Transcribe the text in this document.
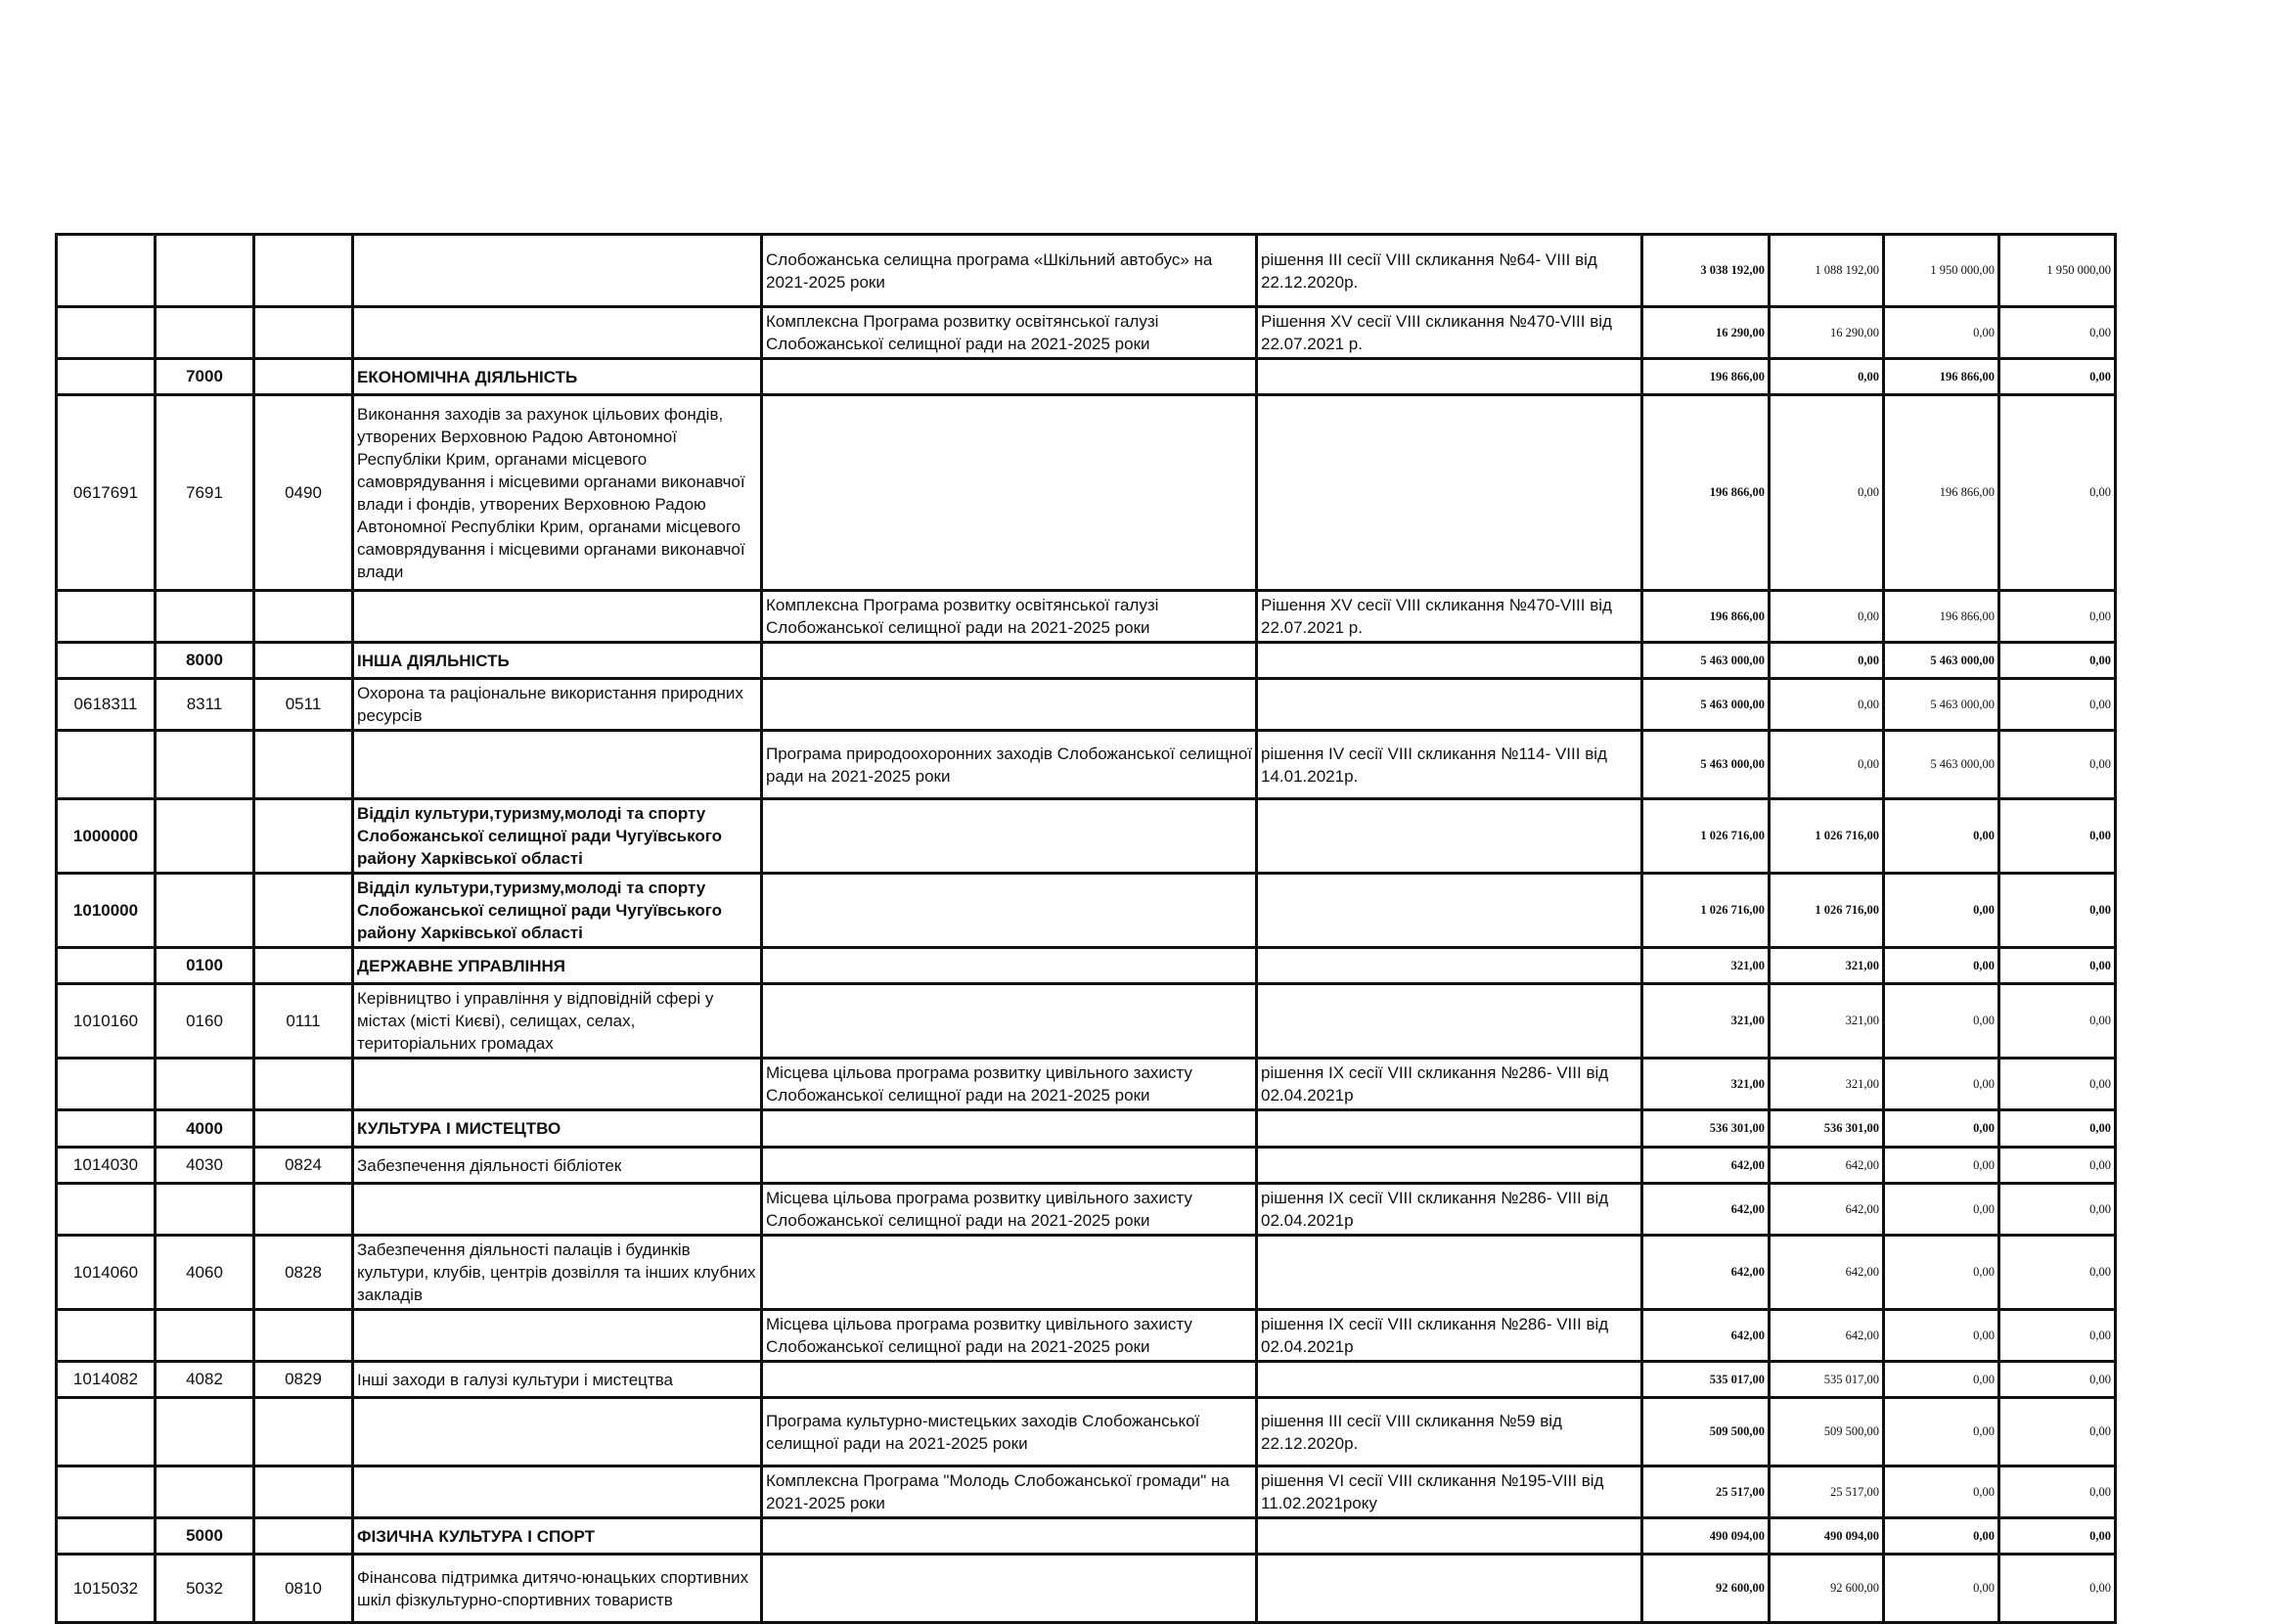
				Слобожанська селищна програма «Шкільний автобус» на 2021-2025 роки	рішення III сесії VIII скликання №64- VIII від 22.12.2020р.	3 038 192,00	1 088 192,00	1 950 000,00	1 950 000,00
				Комплексна Програма розвитку освітянської галузі Слобожанської селищної ради на 2021-2025 роки	Рішення XV сесії VIII скликання №470-VIII від 22.07.2021 р.	16 290,00	16 290,00	0,00	0,00
	7000		ЕКОНОМІЧНА ДІЯЛЬНІСТЬ			196 866,00	0,00	196 866,00	0,00
0617691	7691	0490	Виконання заходів за рахунок цільових фондів, утворених Верховною Радою Автономної Республіки Крим, органами місцевого самоврядування і місцевими органами виконавчої влади і фондів, утворених Верховною Радою Автономної Республіки Крим, органами місцевого самоврядування і місцевими органами виконавчої влади			196 866,00	0,00	196 866,00	0,00
				Комплексна Програма розвитку освітянської галузі Слобожанської селищної ради на 2021-2025 роки	Рішення XV сесії VIII скликання №470-VIII від 22.07.2021 р.	196 866,00	0,00	196 866,00	0,00
	8000		ІНША ДІЯЛЬНІСТЬ			5 463 000,00	0,00	5 463 000,00	0,00
0618311	8311	0511	Охорона та раціональне використання природних ресурсів			5 463 000,00	0,00	5 463 000,00	0,00
				Програма природоохоронних заходів Слобожанської селищної ради на 2021-2025 роки	рішення IV сесії VIII скликання №114- VIII від 14.01.2021р.	5 463 000,00	0,00	5 463 000,00	0,00
1000000			Відділ культури,туризму,молоді та спорту Слобожанської селищної ради Чугуївського району Харківської області			1 026 716,00	1 026 716,00	0,00	0,00
1010000			Відділ культури,туризму,молоді та спорту Слобожанської селищної ради Чугуївського району Харківської області			1 026 716,00	1 026 716,00	0,00	0,00
	0100		ДЕРЖАВНЕ УПРАВЛІННЯ			321,00	321,00	0,00	0,00
1010160	0160	0111	Керівництво і управління у відповідній сфері у містах (місті Києві), селищах, селах, територіальних громадах			321,00	321,00	0,00	0,00
				Місцева цільова програма розвитку цивільного захисту Слобожанської селищної ради на 2021-2025 роки	рішення IX сесії VIII скликання №286- VIII від 02.04.2021р	321,00	321,00	0,00	0,00
	4000		КУЛЬТУРА І МИСТЕЦТВО			536 301,00	536 301,00	0,00	0,00
1014030	4030	0824	Забезпечення діяльності бібліотек			642,00	642,00	0,00	0,00
				Місцева цільова програма розвитку цивільного захисту Слобожанської селищної ради на 2021-2025 роки	рішення IX сесії VIII скликання №286- VIII від 02.04.2021р	642,00	642,00	0,00	0,00
1014060	4060	0828	Забезпечення діяльності палаців і будинків культури, клубів, центрів дозвілля та інших клубних закладів			642,00	642,00	0,00	0,00
				Місцева цільова програма розвитку цивільного захисту Слобожанської селищної ради на 2021-2025 роки	рішення IX сесії VIII скликання №286- VIII від 02.04.2021р	642,00	642,00	0,00	0,00
1014082	4082	0829	Інші заходи в галузі культури і мистецтва			535 017,00	535 017,00	0,00	0,00
				Програма культурно-мистецьких заходів Слобожанської селищної ради на 2021-2025 роки	рішення III сесії VIII скликання №59 від 22.12.2020р.	509 500,00	509 500,00	0,00	0,00
				Комплексна Програма "Молодь Слобожанської громади" на 2021-2025 роки	рішення VI сесії VIII скликання №195-VIII від 11.02.2021року	25 517,00	25 517,00	0,00	0,00
	5000		ФІЗИЧНА КУЛЬТУРА І СПОРТ			490 094,00	490 094,00	0,00	0,00
1015032	5032	0810	Фінансова підтримка дитячо-юнацьких спортивних шкіл фізкультурно-спортивних товариств			92 600,00	92 600,00	0,00	0,00
